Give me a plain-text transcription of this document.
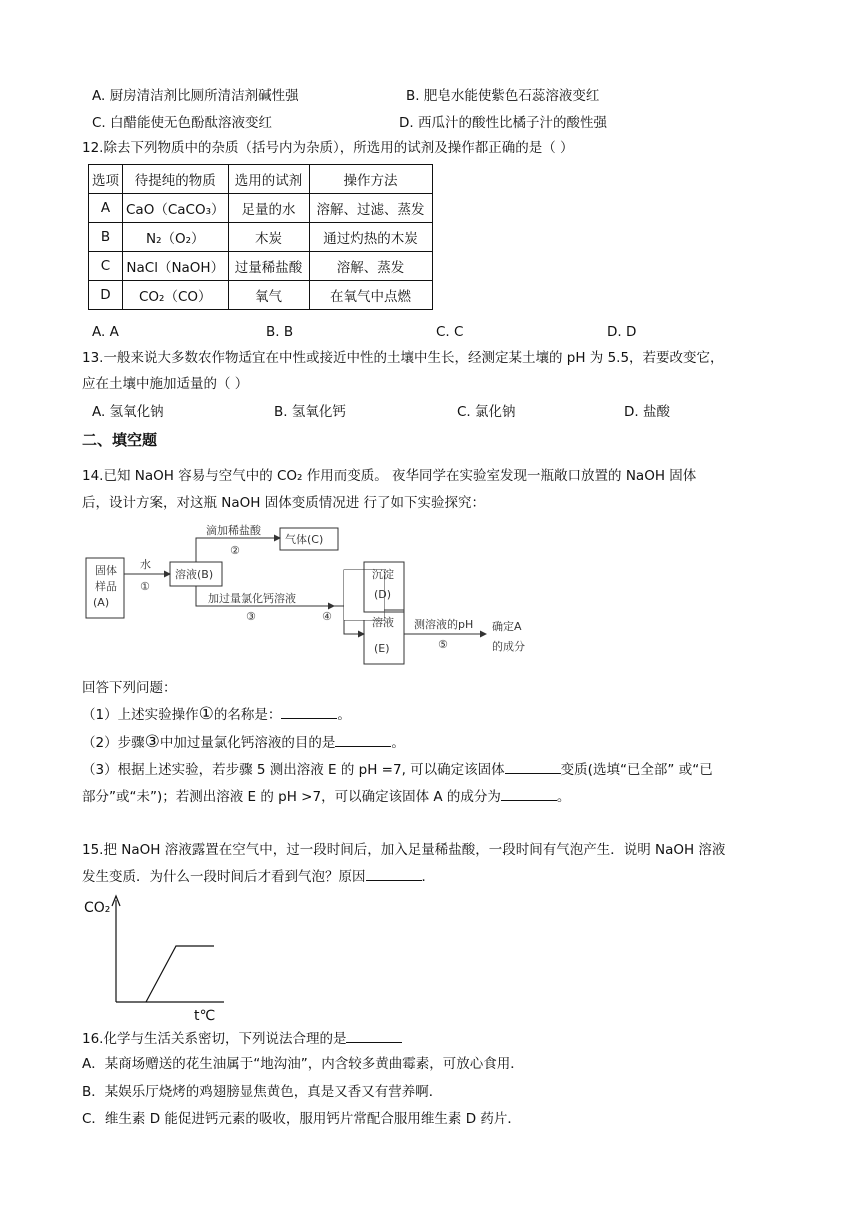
A. 厨房清洁剂比厕所清洁剂碱性强	B. 肥皂水能使紫色石蕊溶液变红
C. 白醋能使无色酚酞溶液变红	D. 西瓜汁的酸性比橘子汁的酸性强
12.除去下列物质中的杂质（括号内为杂质），所选用的试剂及操作都正确的是（ ）
选项	待提纯的物质	选用的试剂	操作方法
A	CaO（CaCO₃）	足量的水	溶解、过滤、蒸发
B	N₂（O₂）	木炭	通过灼热的木炭
C	NaCl（NaOH）	过量稀盐酸	溶解、蒸发
D	CO₂（CO）	氧气	在氧气中点燃
A. A	B. B	C. C	D. D
13.一般来说大多数农作物适宜在中性或接近中性的土壤中生长，经测定某土壤的 pH 为 5.5，若要改变它，
应在土壤中施加适量的（ ）
A. 氢氧化钠	B. 氢氧化钙	C. 氯化钠	D. 盐酸
二、填空题
14.已知 NaOH 容易与空气中的 CO₂ 作用而变质。 夜华同学在实验室发现一瓶敞口放置的 NaOH 固体
后，设计方案，对这瓶 NaOH 固体变质情况进 行了如下实验探究：
固体
样品
(A)
水
①
溶液(B)
滴加稀盐酸
②
气体(C)
加过量氯化钙溶液
③	④
沉淀
(D)
溶液
(E)
测溶液的pH
⑤
确定A
的成分
回答下列问题：
（1）上述实验操作①的名称是：	。
（2）步骤③中加过量氯化钙溶液的目的是	。
（3）根据上述实验，若步骤 5 测出溶液 E 的 pH =7, 可以确定该固体	变质(选填“已全部” 或“已
部分”或“未”)；若测出溶液 E 的 pH >7，可以确定该固体 A 的成分为	。
15.把 NaOH 溶液露置在空气中，过一段时间后，加入足量稀盐酸，一段时间有气泡产生．说明 NaOH 溶液
发生变质．为什么一段时间后才看到气泡？原因	．
CO₂
t℃
16.化学与生活关系密切，下列说法合理的是
A．某商场赠送的花生油属于“地沟油”，内含较多黄曲霉素，可放心食用．
B．某娱乐厅烧烤的鸡翅膀显焦黄色，真是又香又有营养啊．
C．维生素 D 能促进钙元素的吸收，服用钙片常配合服用维生素 D 药片．
